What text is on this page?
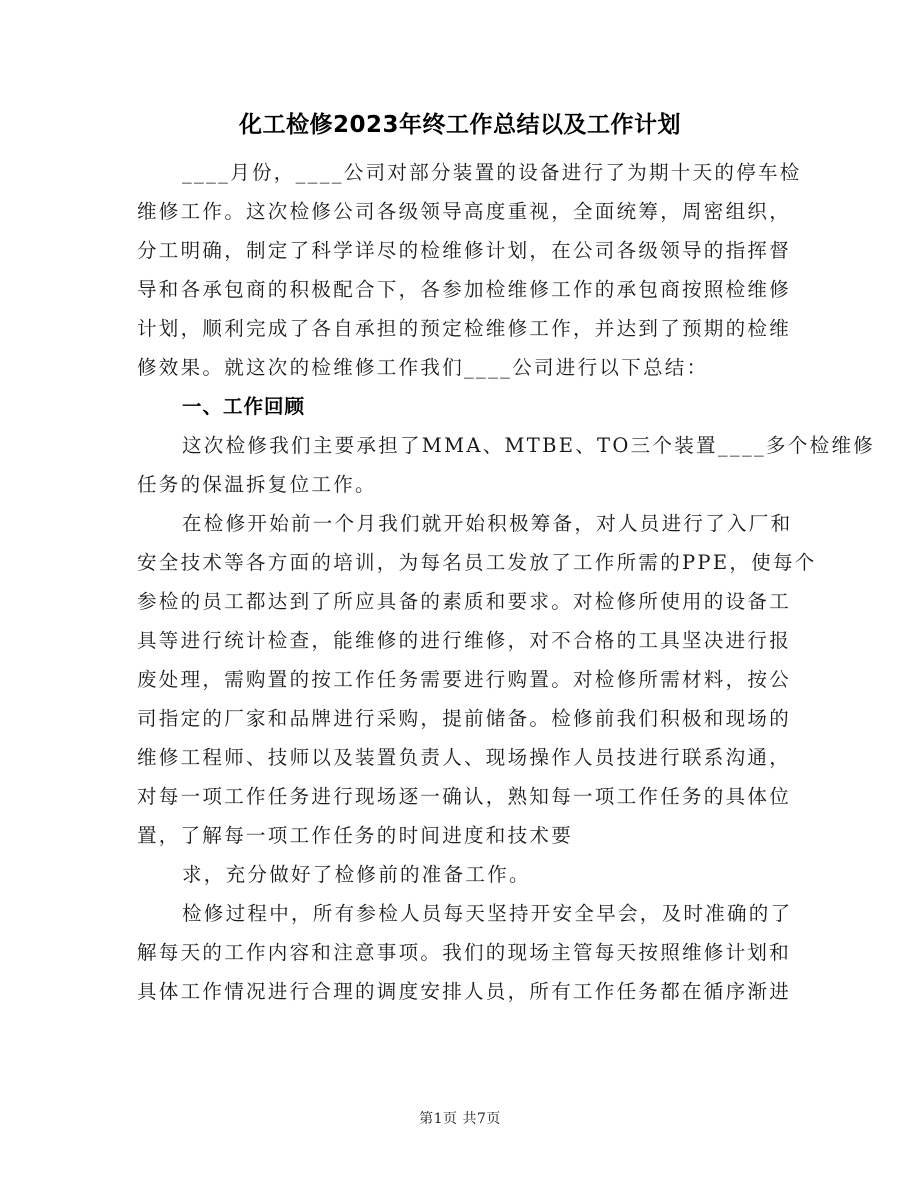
化工检修2023年终工作总结以及工作计划
____月份，____公司对部分装置的设备进行了为期十天的停车检
维修工作。这次检修公司各级领导高度重视，全面统筹，周密组织，
分工明确，制定了科学详尽的检维修计划，在公司各级领导的指挥督
导和各承包商的积极配合下，各参加检维修工作的承包商按照检维修
计划，顺利完成了各自承担的预定检维修工作，并达到了预期的检维
修效果。就这次的检维修工作我们____公司进行以下总结：
一、工作回顾
这次检修我们主要承担了MMA、MTBE、TO三个装置____多个检维修
任务的保温拆复位工作。
在检修开始前一个月我们就开始积极筹备，对人员进行了入厂和
安全技术等各方面的培训，为每名员工发放了工作所需的PPE，使每个
参检的员工都达到了所应具备的素质和要求。对检修所使用的设备工
具等进行统计检查，能维修的进行维修，对不合格的工具坚决进行报
废处理，需购置的按工作任务需要进行购置。对检修所需材料，按公
司指定的厂家和品牌进行采购，提前储备。检修前我们积极和现场的
维修工程师、技师以及装置负责人、现场操作人员技进行联系沟通，
对每一项工作任务进行现场逐一确认，熟知每一项工作任务的具体位
置，了解每一项工作任务的时间进度和技术要
求，充分做好了检修前的准备工作。
检修过程中，所有参检人员每天坚持开安全早会，及时准确的了
解每天的工作内容和注意事项。我们的现场主管每天按照维修计划和
具体工作情况进行合理的调度安排人员，所有工作任务都在循序渐进
第1页 共7页
